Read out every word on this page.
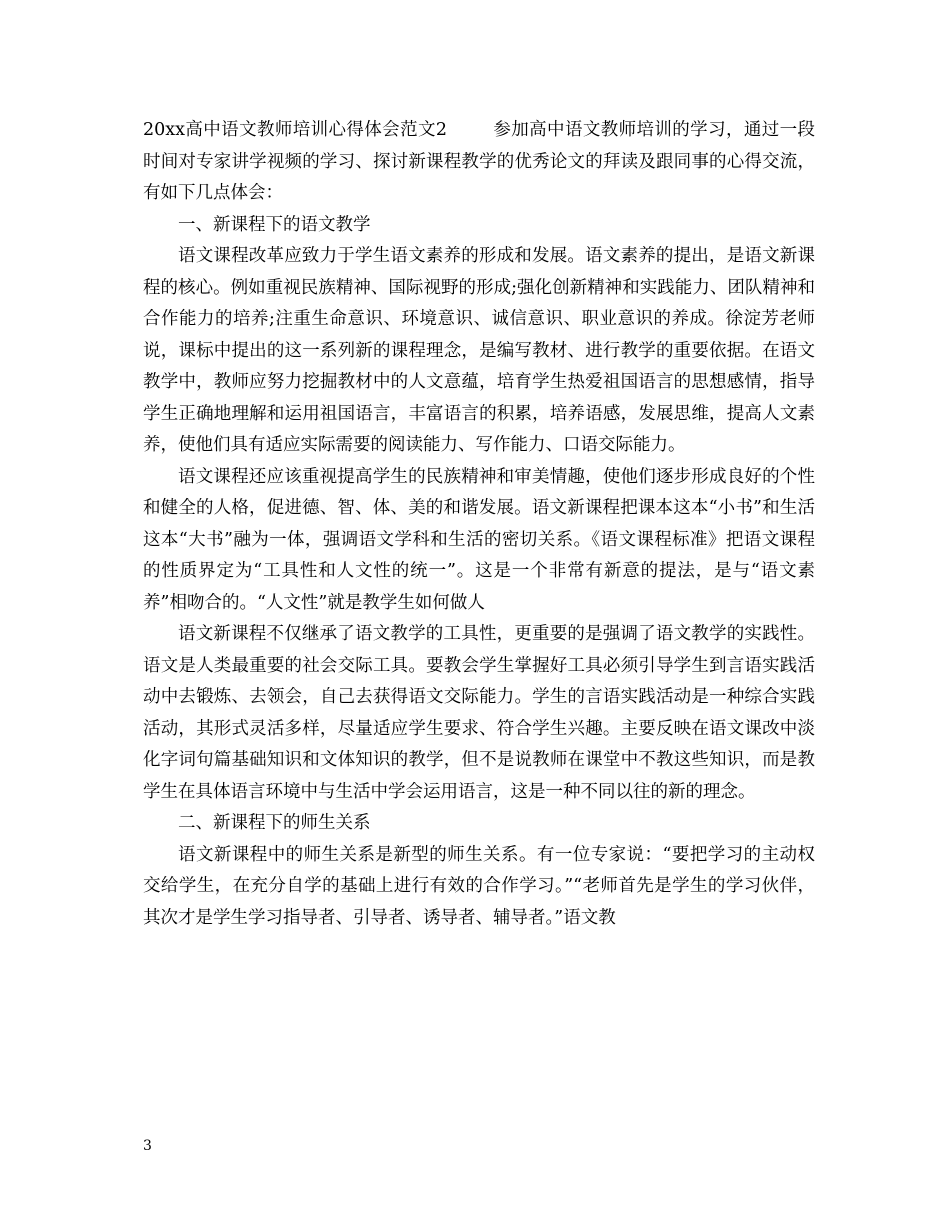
20xx高中语文教师培训心得体会范文2	参加高中语文教师培训的学习，通过一段时间对专家讲学视频的学习、探讨新课程教学的优秀论文的拜读及跟同事的心得交流，有如下几点体会：

一、新课程下的语文教学

语文课程改革应致力于学生语文素养的形成和发展。语文素养的提出，是语文新课程的核心。例如重视民族精神、国际视野的形成;强化创新精神和实践能力、团队精神和合作能力的培养;注重生命意识、环境意识、诚信意识、职业意识的养成。徐淀芳老师说，课标中提出的这一系列新的课程理念，是编写教材、进行教学的重要依据。在语文教学中，教师应努力挖掘教材中的人文意蕴，培育学生热爱祖国语言的思想感情，指导学生正确地理解和运用祖国语言，丰富语言的积累，培养语感，发展思维，提高人文素养，使他们具有适应实际需要的阅读能力、写作能力、口语交际能力。

语文课程还应该重视提高学生的民族精神和审美情趣，使他们逐步形成良好的个性和健全的人格，促进德、智、体、美的和谐发展。语文新课程把课本这本“小书”和生活这本“大书”融为一体，强调语文学科和生活的密切关系。《语文课程标准》把语文课程的性质界定为“工具性和人文性的统一”。这是一个非常有新意的提法，是与“语文素养”相吻合的。“人文性”就是教学生如何做人

语文新课程不仅继承了语文教学的工具性，更重要的是强调了语文教学的实践性。语文是人类最重要的社会交际工具。要教会学生掌握好工具必须引导学生到言语实践活动中去锻炼、去领会，自己去获得语文交际能力。学生的言语实践活动是一种综合实践活动，其形式灵活多样，尽量适应学生要求、符合学生兴趣。主要反映在语文课改中淡化字词句篇基础知识和文体知识的教学，但不是说教师在课堂中不教这些知识，而是教学生在具体语言环境中与生活中学会运用语言，这是一种不同以往的新的理念。

二、新课程下的师生关系

语文新课程中的师生关系是新型的师生关系。有一位专家说：“要把学习的主动权交给学生，在充分自学的基础上进行有效的合作学习。”“老师首先是学生的学习伙伴，其次才是学生学习指导者、引导者、诱导者、辅导者。”语文教

3
